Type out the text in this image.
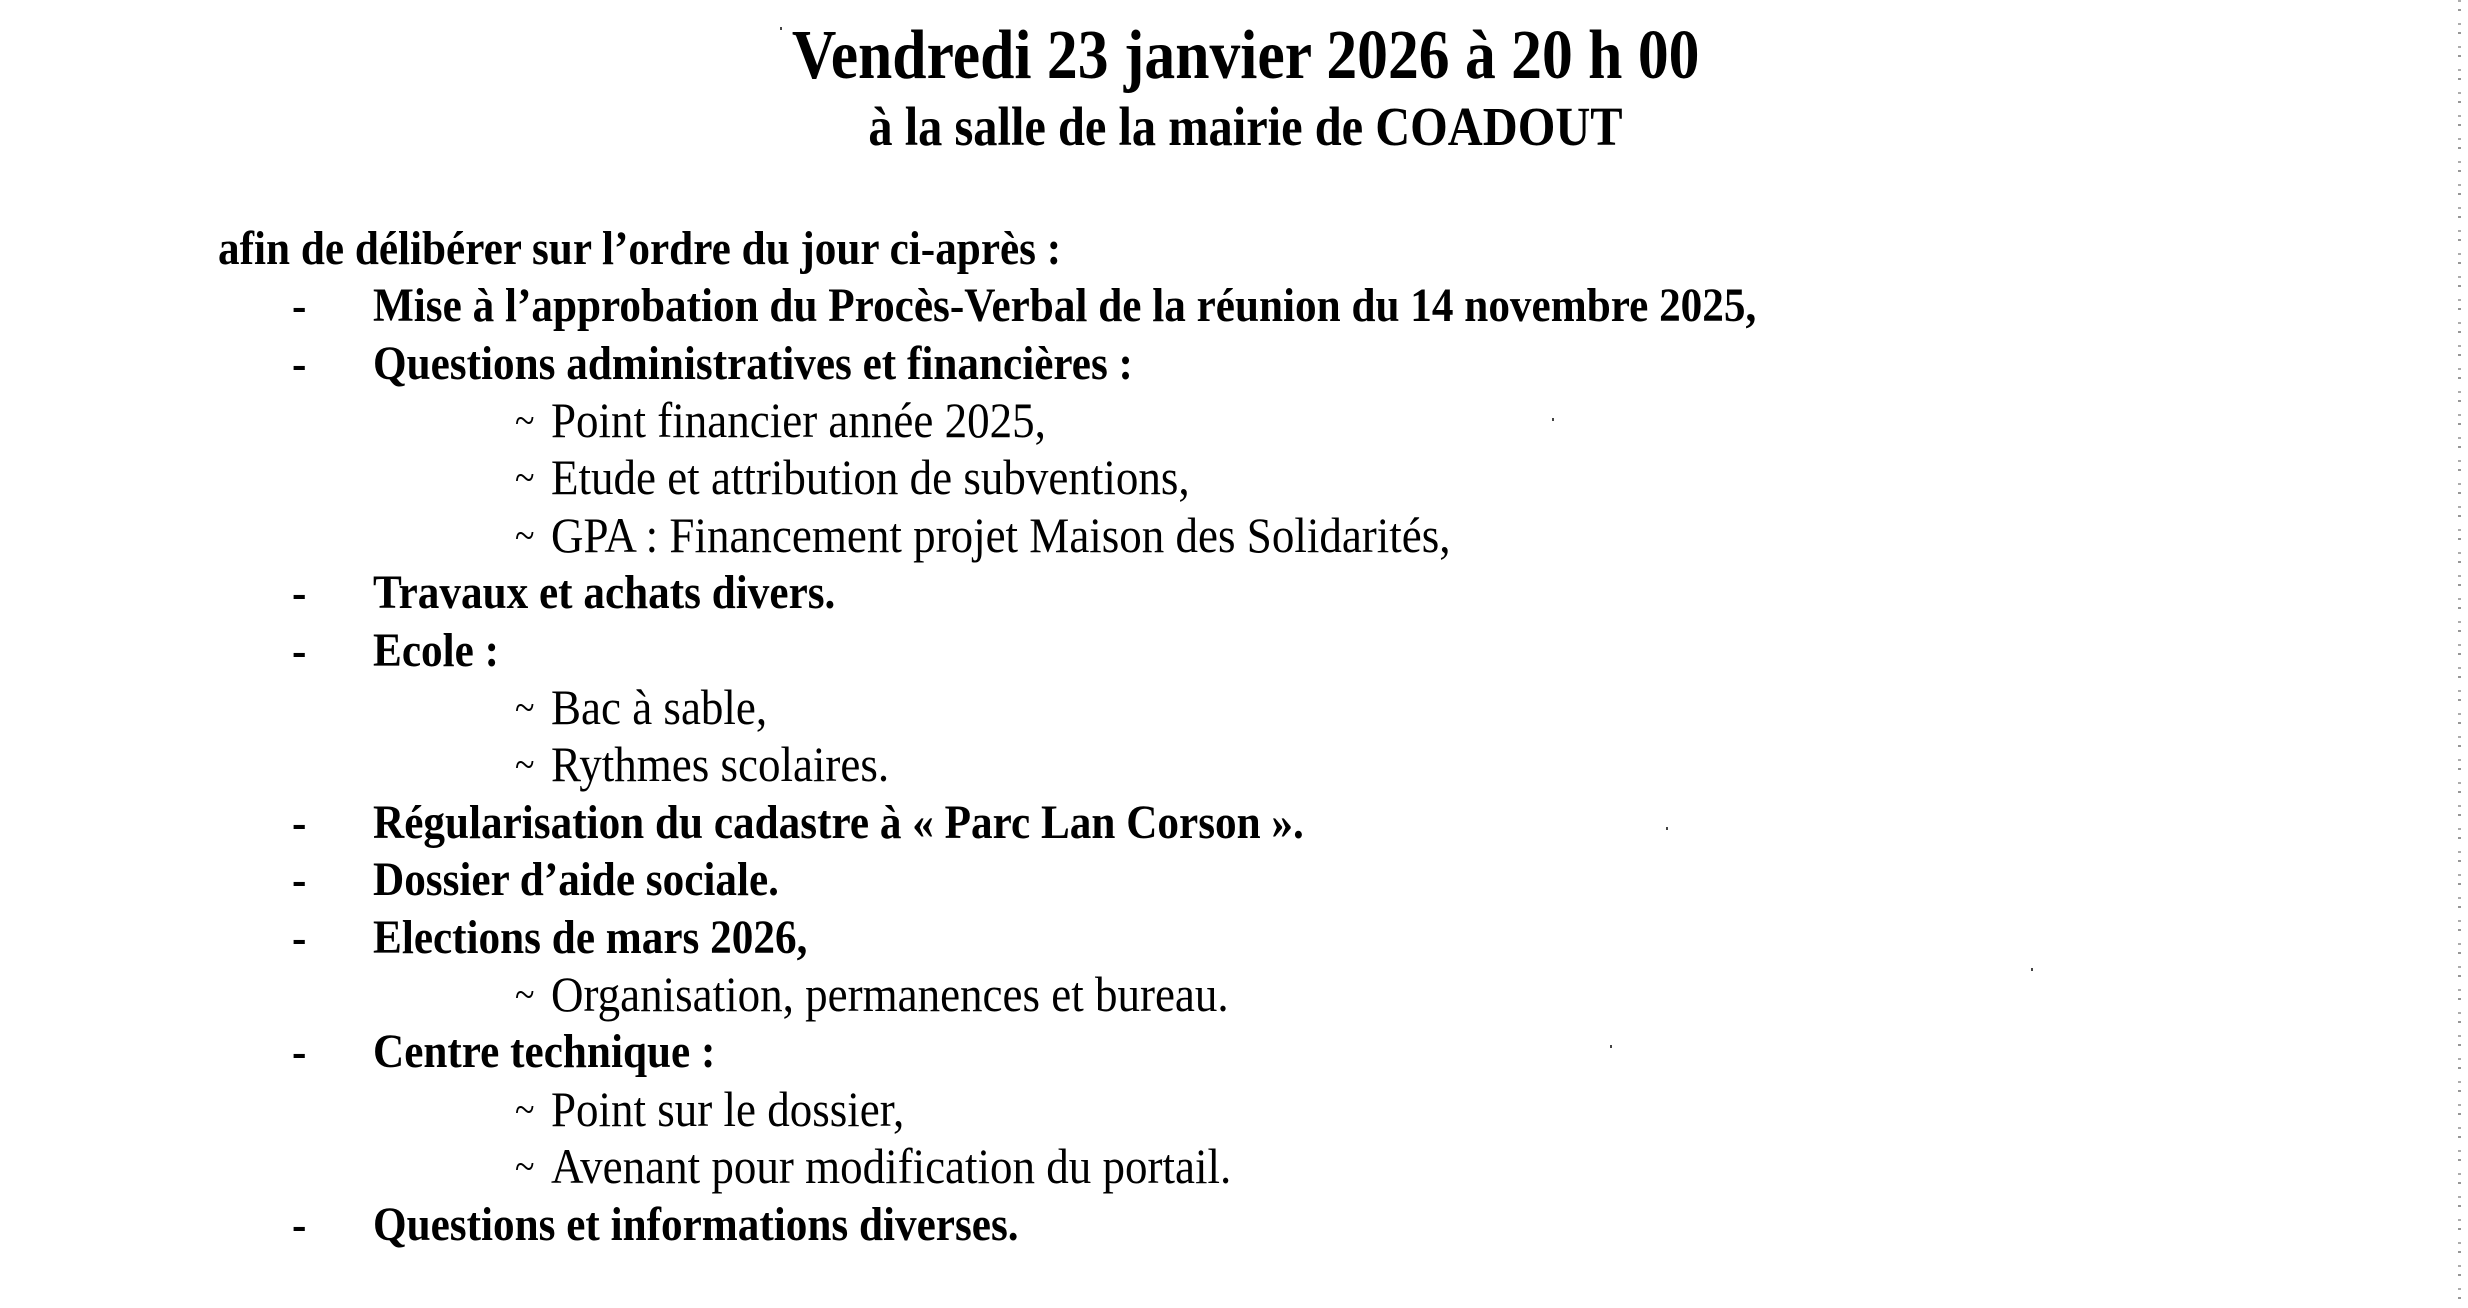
Vendredi 23 janvier 2026 à 20 h 00
à la salle de la mairie de COADOUT
afin de délibérer sur l’ordre du jour ci-après :
- Mise à l’approbation du Procès-Verbal de la réunion du 14 novembre 2025,
- Questions administratives et financières :
~ Point financier année 2025,
~ Etude et attribution de subventions,
~ GPA : Financement projet Maison des Solidarités,
- Travaux et achats divers.
- Ecole :
~ Bac à sable,
~ Rythmes scolaires.
- Régularisation du cadastre à « Parc Lan Corson ».
- Dossier d’aide sociale.
- Elections de mars 2026,
~ Organisation, permanences et bureau.
- Centre technique :
~ Point sur le dossier,
~ Avenant pour modification du portail.
- Questions et informations diverses.
